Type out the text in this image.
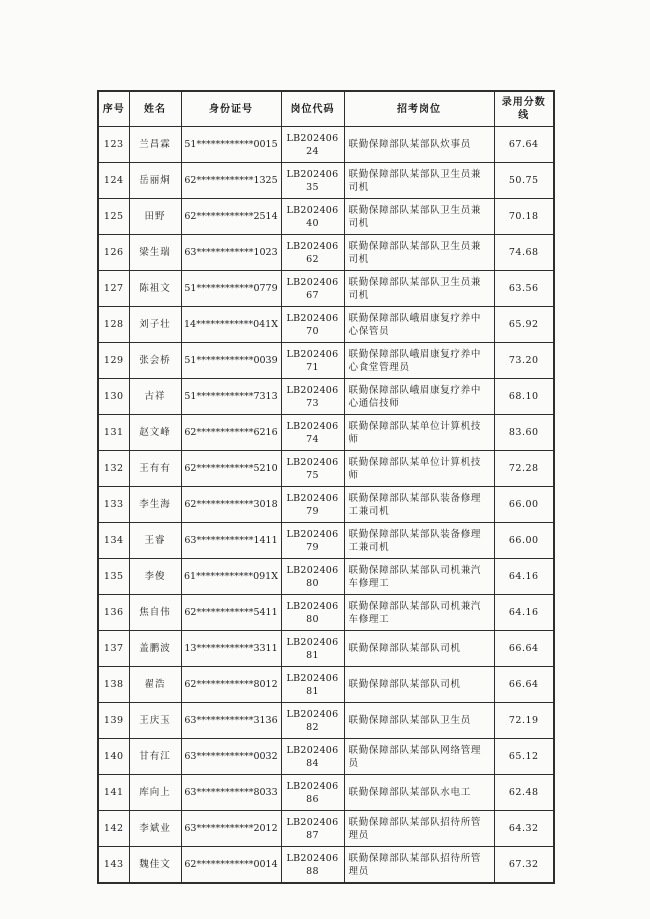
序号	姓名	身份证号	岗位代码	招考岗位	录用分数线
123	兰昌霖	51************0015	LB20240624	联勤保障部队某部队炊事员	67.64
124	岳丽烔	62************1325	LB20240635	联勤保障部队某部队卫生员兼司机	50.75
125	田野	62************2514	LB20240640	联勤保障部队某部队卫生员兼司机	70.18
126	梁生瑞	63************1023	LB20240662	联勤保障部队某部队卫生员兼司机	74.68
127	陈祖文	51************0779	LB20240667	联勤保障部队某部队卫生员兼司机	63.56
128	刘子壮	14************041X	LB20240670	联勤保障部队峨眉康复疗养中心保管员	65.92
129	张会桥	51************0039	LB20240671	联勤保障部队峨眉康复疗养中心食堂管理员	73.20
130	古祥	51************7313	LB20240673	联勤保障部队峨眉康复疗养中心通信技师	68.10
131	赵文峰	62************6216	LB20240674	联勤保障部队某单位计算机技师	83.60
132	王有有	62************5210	LB20240675	联勤保障部队某单位计算机技师	72.28
133	李生海	62************3018	LB20240679	联勤保障部队某部队装备修理工兼司机	66.00
134	王睿	63************1411	LB20240679	联勤保障部队某部队装备修理工兼司机	66.00
135	李俊	61************091X	LB20240680	联勤保障部队某部队司机兼汽车修理工	64.16
136	焦自伟	62************5411	LB20240680	联勤保障部队某部队司机兼汽车修理工	64.16
137	盖鹏波	13************3311	LB20240681	联勤保障部队某部队司机	66.64
138	翟浩	62************8012	LB20240681	联勤保障部队某部队司机	66.64
139	王庆玉	63************3136	LB20240682	联勤保障部队某部队卫生员	72.19
140	甘有江	63************0032	LB20240684	联勤保障部队某部队网络管理员	65.12
141	库向上	63************8033	LB20240686	联勤保障部队某部队水电工	62.48
142	李斌业	63************2012	LB20240687	联勤保障部队某部队招待所管理员	64.32
143	魏佳文	62************0014	LB20240688	联勤保障部队某部队招待所管理员	67.32
